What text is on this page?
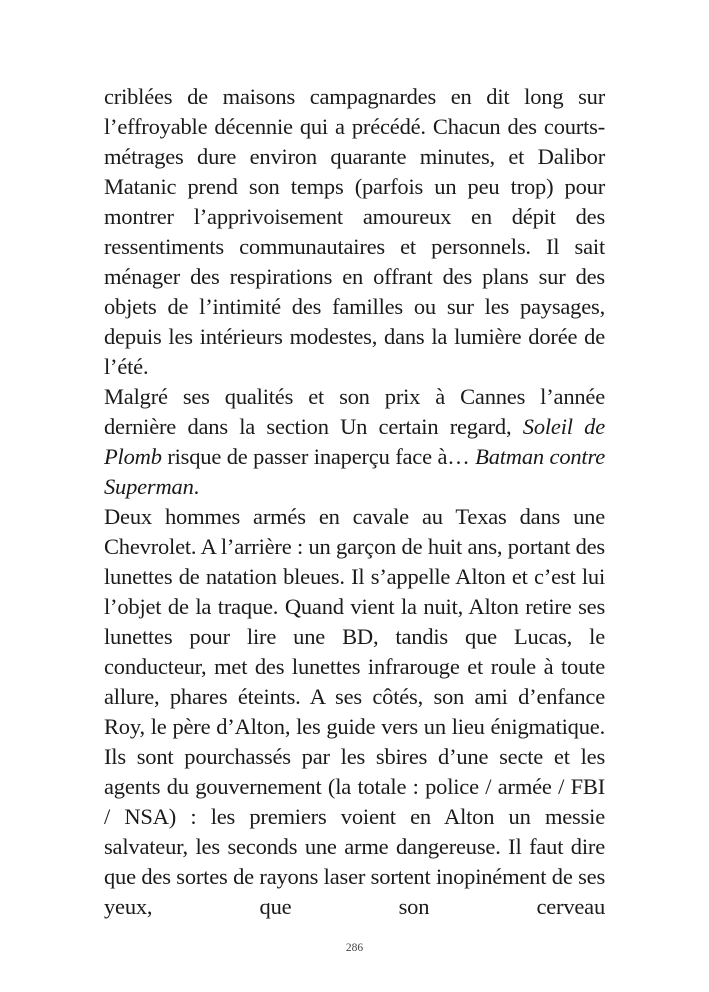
criblées de maisons campagnardes en dit long sur l’effroyable décennie qui a précédé. Chacun des courts-métrages dure environ quarante minutes, et Dalibor Matanic prend son temps (parfois un peu trop) pour montrer l’apprivoisement amoureux en dépit des ressentiments communautaires et personnels. Il sait ménager des respirations en offrant des plans sur des objets de l’intimité des familles ou sur les paysages, depuis les intérieurs modestes, dans la lumière dorée de l’été.

Malgré ses qualités et son prix à Cannes l’année dernière dans la section Un certain regard, Soleil de Plomb risque de passer inaperçu face à… Batman contre Superman.

Deux hommes armés en cavale au Texas dans une Chevrolet. A l’arrière : un garçon de huit ans, portant des lunettes de natation bleues. Il s’appelle Alton et c’est lui l’objet de la traque. Quand vient la nuit, Alton retire ses lunettes pour lire une BD, tandis que Lucas, le conducteur, met des lunettes infrarouge et roule à toute allure, phares éteints. A ses côtés, son ami d’enfance Roy, le père d’Alton, les guide vers un lieu énigmatique. Ils sont pourchassés par les sbires d’une secte et les agents du gouvernement (la totale : police / armée / FBI / NSA) : les premiers voient en Alton un messie salvateur, les seconds une arme dangereuse. Il faut dire que des sortes de rayons laser sortent inopinément de ses yeux, que son cerveau

286
